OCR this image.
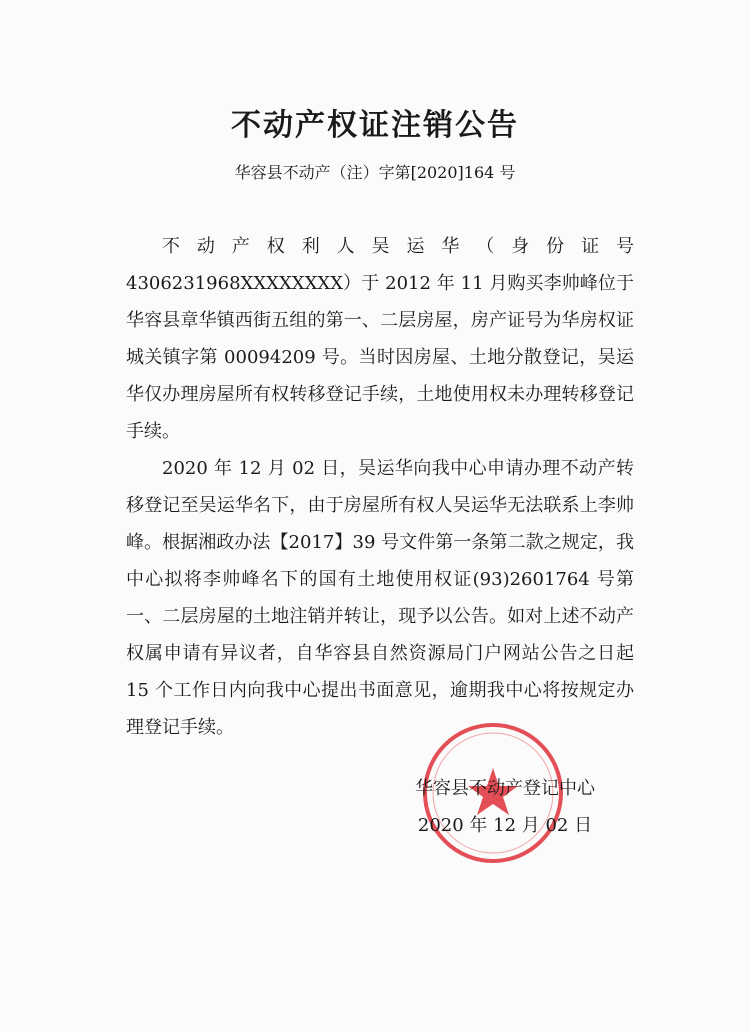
不动产权证注销公告
华容县不动产（注）字第[2020]164 号

不动产权利人吴运华（身份证号 4306231968XXXXXXXX）于 2012 年 11 月购买李帅峰位于华容县章华镇西街五组的第一、二层房屋，房产证号为华房权证城关镇字第 00094209 号。当时因房屋、土地分散登记，吴运华仅办理房屋所有权转移登记手续，土地使用权未办理转移登记手续。

2020 年 12 月 02 日，吴运华向我中心申请办理不动产转移登记至吴运华名下，由于房屋所有权人吴运华无法联系上李帅峰。根据湘政办法【2017】39 号文件第一条第二款之规定，我中心拟将李帅峰名下的国有土地使用权证(93)2601764 号第一、二层房屋的土地注销并转让，现予以公告。如对上述不动产权属申请有异议者，自华容县自然资源局门户网站公告之日起 15 个工作日内向我中心提出书面意见，逾期我中心将按规定办理登记手续。

华容县不动产登记中心
2020 年 12 月 02 日
